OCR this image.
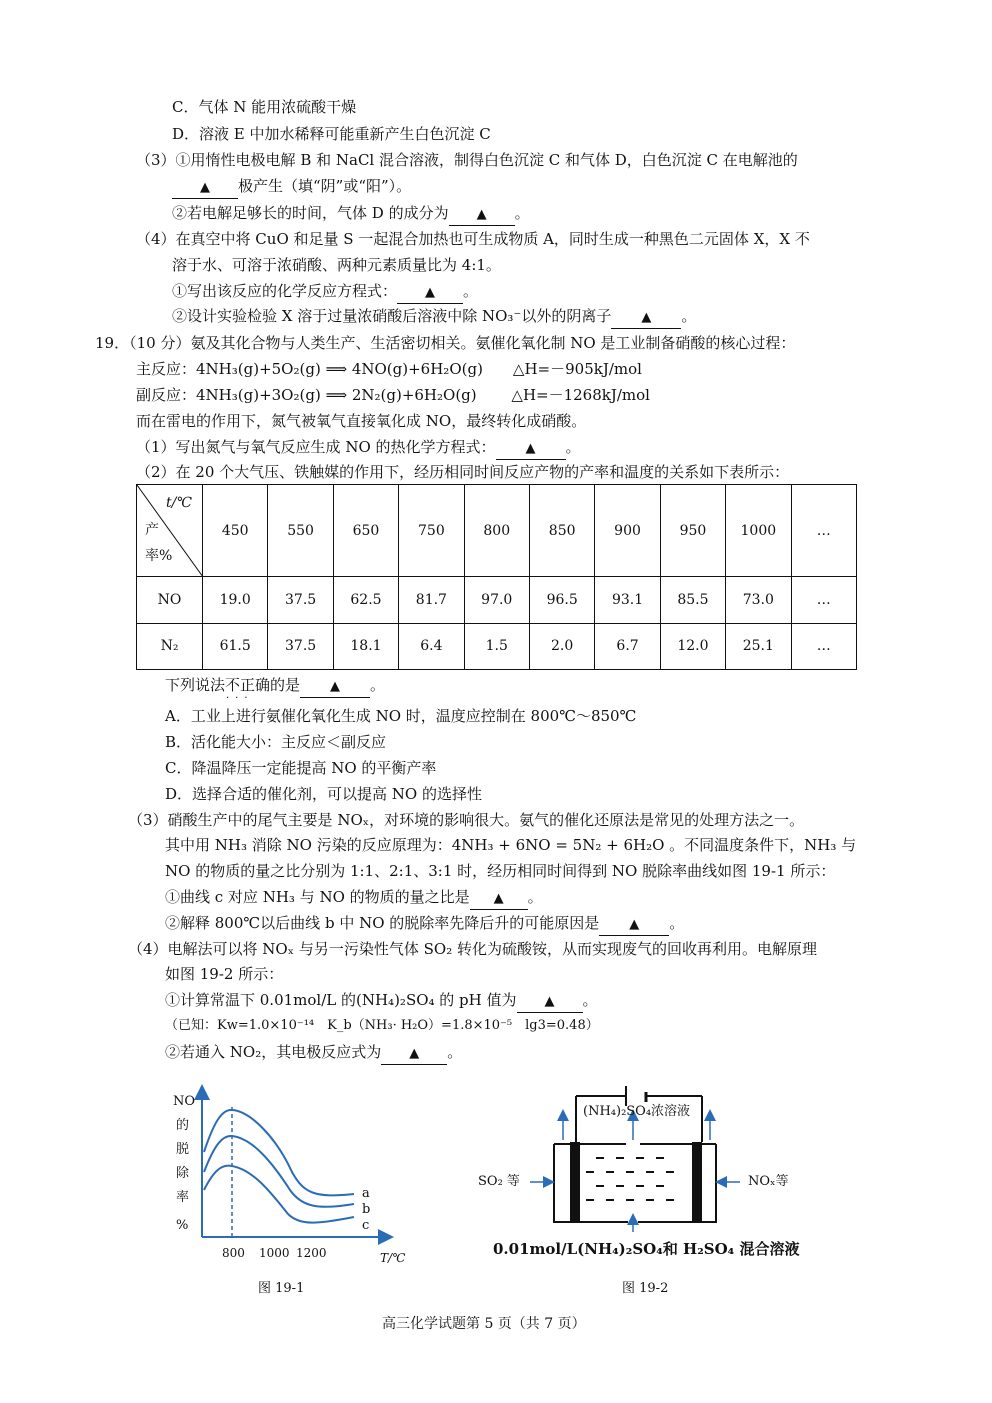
C．气体 N 能用浓硫酸干燥
D．溶液 E 中加水稀释可能重新产生白色沉淀 C
（3）①用惰性电极电解 B 和 NaCl 混合溶液，制得白色沉淀 C 和气体 D，白色沉淀 C 在电解池的
▲ 极产生（填“阴”或“阳”）。
②若电解足够长的时间，气体 D 的成分为 ▲ 。
（4）在真空中将 CuO 和足量 S 一起混合加热也可生成物质 A，同时生成一种黑色二元固体 X，X 不
溶于水、可溶于浓硝酸、两种元素质量比为 4:1。
①写出该反应的化学反应方程式： ▲ 。
②设计实验检验 X 溶于过量浓硝酸后溶液中除 NO₃⁻以外的阴离子 ▲ 。
19．（10 分）氨及其化合物与人类生产、生活密切相关。氨催化氧化制 NO 是工业制备硝酸的核心过程：
主反应：4NH₃(g)+5O₂(g) ⟹ 4NO(g)+6H₂O(g)　　△H=－905kJ/mol
副反应：4NH₃(g)+3O₂(g) ⟹ 2N₂(g)+6H₂O(g)　　 △H=－1268kJ/mol
而在雷电的作用下，氮气被氧气直接氧化成 NO，最终转化成硝酸。
（1）写出氮气与氧气反应生成 NO 的热化学方程式： ▲ 。
（2）在 20 个大气压、铁触媒的作用下，经历相同时间反应产物的产率和温度的关系如下表所示：
t/℃
产
率%	450	550	650	750	800	850	900	950	1000	…
NO	19.0	37.5	62.5	81.7	97.0	96.5	93.1	85.5	73.0	…
N₂	61.5	37.5	18.1	6.4	1.5	2.0	6.7	12.0	25.1	…
下列说法不正确的是 ▲ 。
···
A．工业上进行氨催化氧化生成 NO 时，温度应控制在 800℃～850℃
B．活化能大小：主反应＜副反应
C．降温降压一定能提高 NO 的平衡产率
D．选择合适的催化剂，可以提高 NO 的选择性
（3）硝酸生产中的尾气主要是 NOₓ，对环境的影响很大。氨气的催化还原法是常见的处理方法之一。
其中用 NH₃ 消除 NO 污染的反应原理为：4NH₃ + 6NO = 5N₂ + 6H₂O 。不同温度条件下，NH₃ 与
NO 的物质的量之比分别为 1:1、2:1、3:1 时，经历相同时间得到 NO 脱除率曲线如图 19-1 所示：
①曲线 c 对应 NH₃ 与 NO 的物质的量之比是 ▲ 。
②解释 800℃以后曲线 b 中 NO 的脱除率先降后升的可能原因是 ▲ 。
（4）电解法可以将 NOₓ 与另一污染性气体 SO₂ 转化为硫酸铵，从而实现废气的回收再利用。电解原理
如图 19-2 所示：
①计算常温下 0.01mol/L 的(NH₄)₂SO₄ 的 pH 值为 ▲ 。
（已知：Kw=1.0×10⁻¹⁴　K_b（NH₃· H₂O）=1.8×10⁻⁵　lg3=0.48）
②若通入 NO₂，其电极反应式为 ▲ 。
NO
的
脱
除
率
%
a
b
c
800 1000 1200	T/℃
图 19-1
(NH₄)₂SO₄浓溶液
SO₂ 等	NOₓ等
0.01mol/L(NH₄)₂SO₄和 H₂SO₄ 混合溶液
图 19-2
高三化学试题第 5 页（共 7 页）
